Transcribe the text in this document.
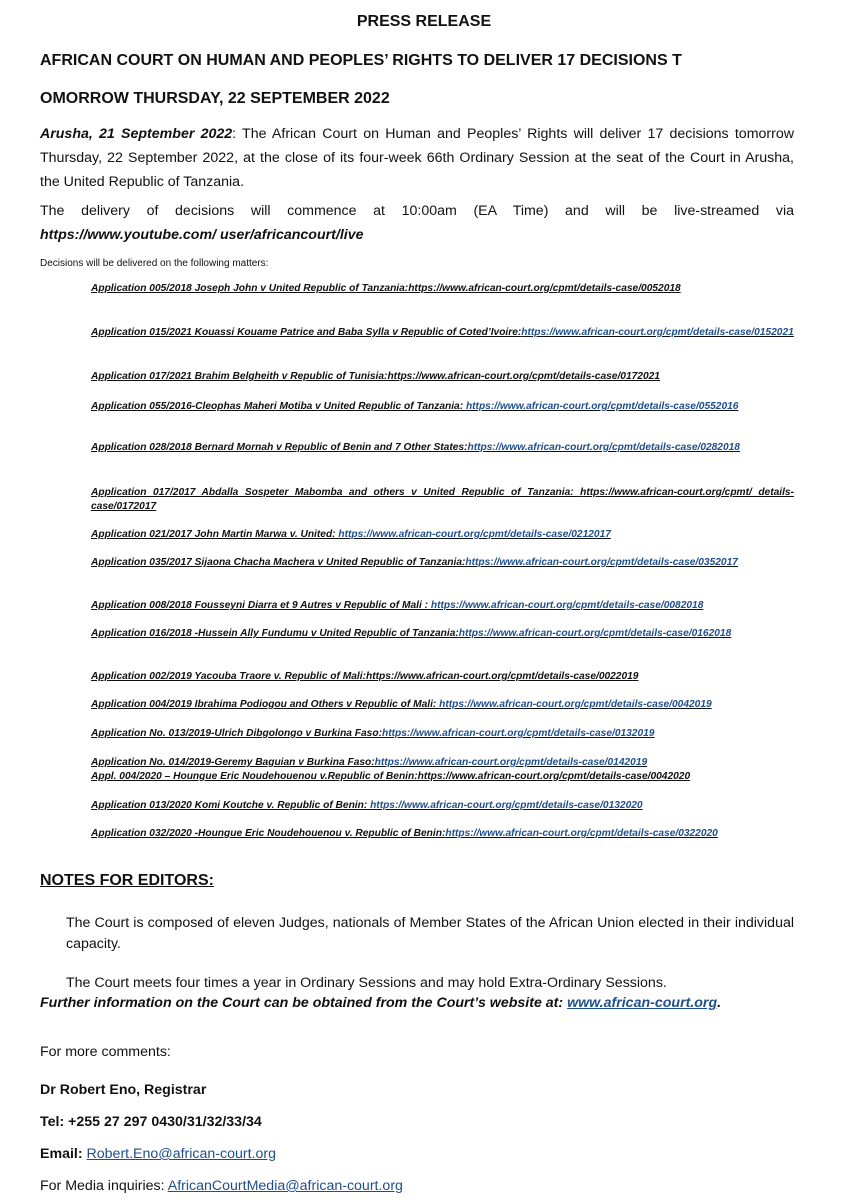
PRESS RELEASE
AFRICAN COURT ON HUMAN AND PEOPLES’ RIGHTS TO DELIVER 17 DECISIONS T
OMORROW THURSDAY, 22 SEPTEMBER 2022
Arusha, 21 September 2022: The African Court on Human and Peoples’ Rights will deliver 17 decisions tomorrow Thursday, 22 September 2022, at the close of its four-week 66th Ordinary Session at the seat of the Court in Arusha, the United Republic of Tanzania.
The delivery of decisions will commence at 10:00am (EA Time) and will be live-streamed via https://www.youtube.com/ user/africancourt/live
Decisions will be delivered on the following matters:
Application 005/2018 Joseph John v United Republic of Tanzania:https://www.african-court.org/cpmt/details-case/0052018
Application 015/2021 Kouassi Kouame Patrice and Baba Sylla v Republic of Coted’Ivoire:https://www.african-court.org/cpmt/details-case/0152021
Application 017/2021 Brahim Belgheith v Republic of Tunisia:https://www.african-court.org/cpmt/details-case/0172021
Application 055/2016-Cleophas Maheri Motiba v United Republic of Tanzania: https://www.african-court.org/cpmt/details-case/0552016
Application 028/2018 Bernard Mornah v Republic of Benin and 7 Other States:https://www.african-court.org/cpmt/details-case/0282018
Application 017/2017 Abdalla Sospeter Mabomba and others v United Republic of Tanzania: https://www.african-court.org/cpmt/ details-case/0172017
Application 021/2017 John Martin Marwa v. United: https://www.african-court.org/cpmt/details-case/0212017
Application 035/2017 Sijaona Chacha Machera v United Republic of Tanzania:https://www.african-court.org/cpmt/details-case/0352017
Application 008/2018 Fousseyni Diarra et 9 Autres v Republic of Mali : https://www.african-court.org/cpmt/details-case/0082018
Application 016/2018 -Hussein Ally Fundumu v United Republic of Tanzania:https://www.african-court.org/cpmt/details-case/0162018
Application 002/2019 Yacouba Traore v. Republic of Mali:https://www.african-court.org/cpmt/details-case/0022019
Application 004/2019 Ibrahima Podiogou and Others v Republic of Mali: https://www.african-court.org/cpmt/details-case/0042019
Application No. 013/2019-Ulrich Dibgolongo v Burkina Faso:https://www.african-court.org/cpmt/details-case/0132019
Application No. 014/2019-Geremy Baguian v Burkina Faso:https://www.african-court.org/cpmt/details-case/0142019
Appl. 004/2020 – Houngue Eric Noudehouenou v.Republic of Benin:https://www.african-court.org/cpmt/details-case/0042020
Application 013/2020 Komi Koutche v. Republic of Benin: https://www.african-court.org/cpmt/details-case/0132020
Application 032/2020 -Houngue Eric Noudehouenou v. Republic of Benin:https://www.african-court.org/cpmt/details-case/0322020
NOTES FOR EDITORS:
The Court is composed of eleven Judges, nationals of Member States of the African Union elected in their individual capacity.
The Court meets four times a year in Ordinary Sessions and may hold Extra-Ordinary Sessions.
Further information on the Court can be obtained from the Court’s website at: www.african-court.org.
For more comments:
Dr Robert Eno, Registrar
Tel: +255 27 297 0430/31/32/33/34
Email: Robert.Eno@african-court.org
For Media inquiries: AfricanCourtMedia@african-court.org
